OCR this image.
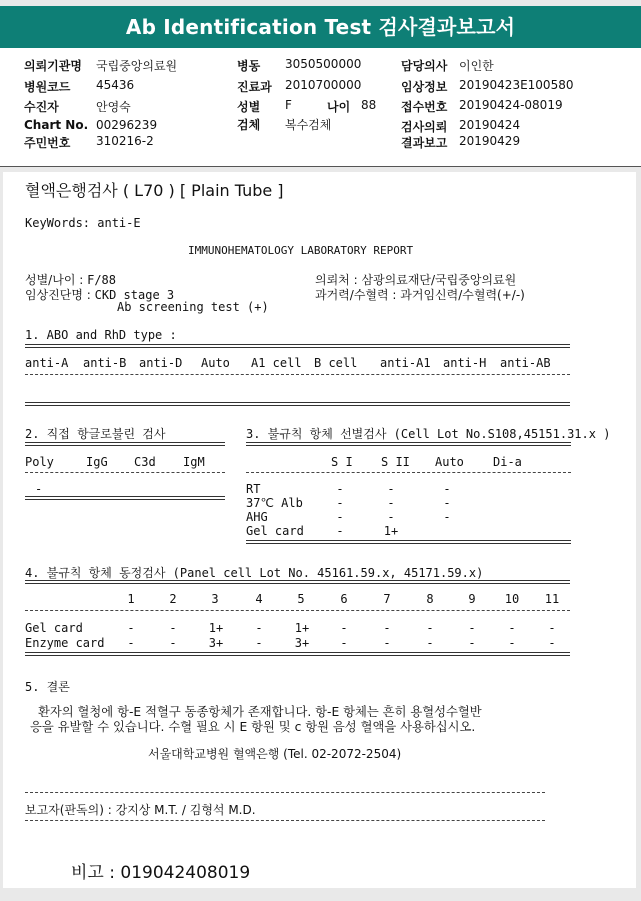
Ab Identification Test 검사결과보고서
의뢰기관명 국립중앙의료원
병원코드 45436
수진자	안영숙
Chart No. 00296239
주민번호 310216-2
병동 3050500000
진료과 2010700000
성별 F	나이 88
검체 복수검체
담당의사 이인한
임상정보 20190423E100580
접수번호 20190424-08019
검사의뢰 20190424
결과보고 20190429
혈액은행검사 ( L70 ) [ Plain Tube ]
KeyWords: anti-E
IMMUNOHEMATOLOGY LABORATORY REPORT
성별/나이 : F/88
임상진단명 : CKD stage 3
Ab screening test (+)
의뢰처 : 삼광의료재단/국립중앙의료원
과거력/수혈력 : 과거임신력/수혈력(+/-)
1. ABO and RhD type :
anti-A anti-B anti-D Auto A1 cell B cell anti-A1 anti-H anti-AB
2. 직접 항글로불린 검사
Poly	IgG C3d IgM
-
3. 불규칙 항체 선별검사 (Cell Lot No.S108,45151.31.x )
S I S II Auto Di-a
RT	-	-	-
37℃ Alb	-	-	-
AHG	-	-	-
Gel card	-	1+
4. 불규칙 항체 동정검사 (Panel cell Lot No. 45161.59.x, 45171.59.x)
1	2	3	4	5	6	7	8	9	10	11
Gel card	-	-	1+	-	1+	-	-	-	-	-	-
Enzyme card	-	-	3+	-	3+	-	-	-	-	-	-
5. 결론
환자의 혈청에 항-E 적혈구 동종항체가 존재합니다. 항-E 항체는 흔히 용혈성수혈반
응을 유발할 수 있습니다. 수혈 필요 시 E 항원 및 c 항원 음성 혈액을 사용하십시오.
서울대학교병원 혈액은행 (Tel. 02-2072-2504)
보고자(판독의) : 강지상 M.T. / 김형석 M.D.
비고 : 019042408019
